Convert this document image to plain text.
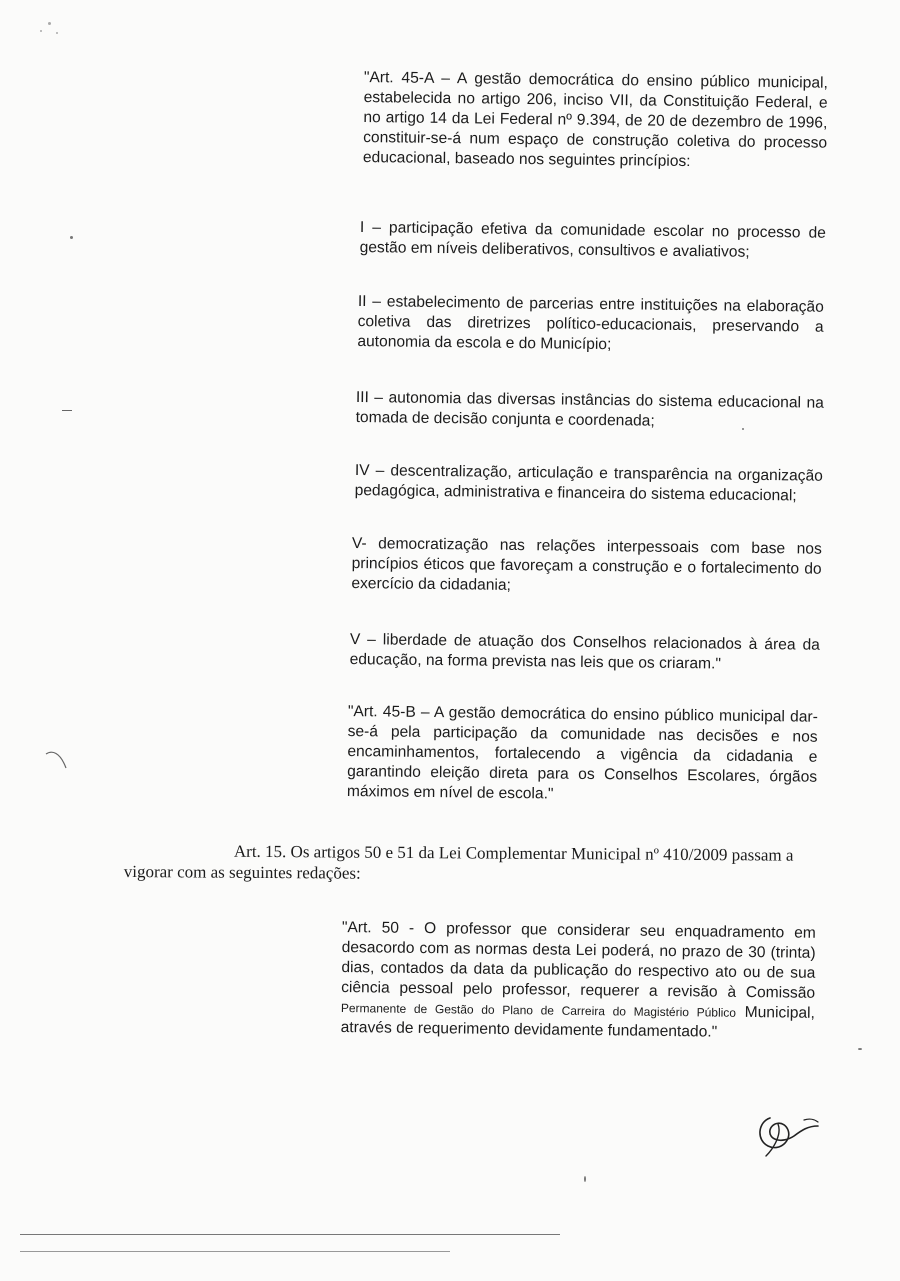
"Art. 45-A – A gestão democrática do ensino público municipal, estabelecida no artigo 206, inciso VII, da Constituição Federal, e no artigo 14 da Lei Federal nº 9.394, de 20 de dezembro de 1996, constituir-se-á num espaço de construção coletiva do processo educacional, baseado nos seguintes princípios:

I – participação efetiva da comunidade escolar no processo de gestão em níveis deliberativos, consultivos e avaliativos;

II – estabelecimento de parcerias entre instituições na elaboração coletiva das diretrizes político-educacionais, preservando a autonomia da escola e do Município;

III – autonomia das diversas instâncias do sistema educacional na tomada de decisão conjunta e coordenada;

IV – descentralização, articulação e transparência na organização pedagógica, administrativa e financeira do sistema educacional;

V- democratização nas relações interpessoais com base nos princípios éticos que favoreçam a construção e o fortalecimento do exercício da cidadania;

V – liberdade de atuação dos Conselhos relacionados à área da educação, na forma prevista nas leis que os criaram."

"Art. 45-B – A gestão democrática do ensino público municipal dar-se-á pela participação da comunidade nas decisões e nos encaminhamentos, fortalecendo a vigência da cidadania e garantindo eleição direta para os Conselhos Escolares, órgãos máximos em nível de escola."

Art. 15. Os artigos 50 e 51 da Lei Complementar Municipal nº 410/2009 passam a vigorar com as seguintes redações:

"Art. 50 - O professor que considerar seu enquadramento em desacordo com as normas desta Lei poderá, no prazo de 30 (trinta) dias, contados da data da publicação do respectivo ato ou de sua ciência pessoal pelo professor, requerer a revisão à Comissão Permanente de Gestão do Plano de Carreira do Magistério Público Municipal, através de requerimento devidamente fundamentado."
